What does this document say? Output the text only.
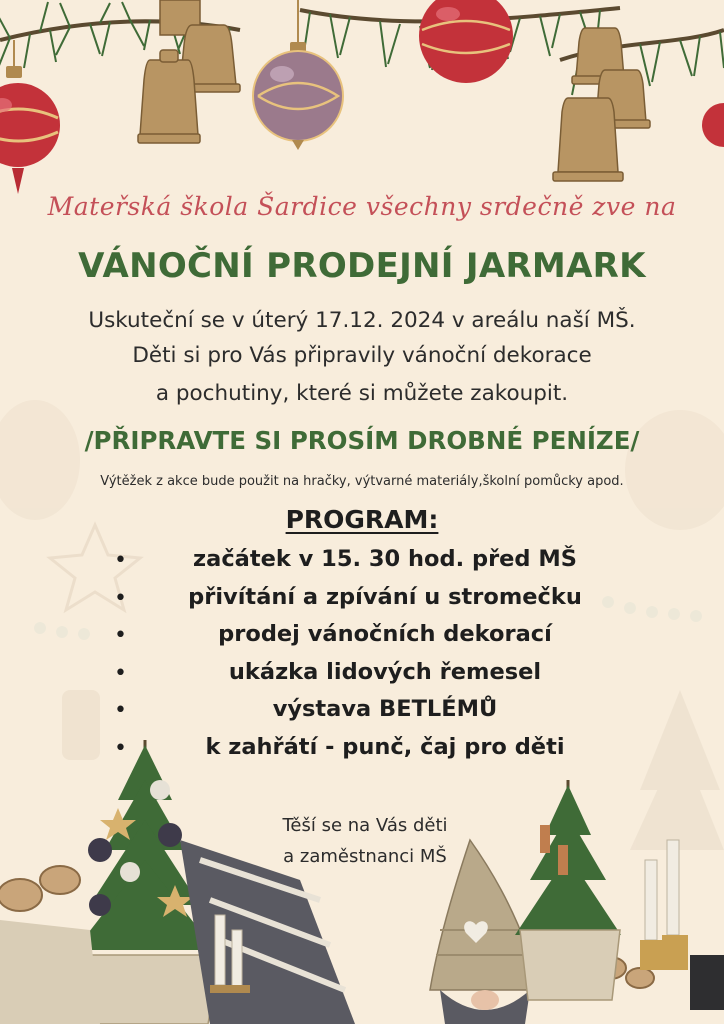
Mateřská škola Šardice všechny srdečně zve na

VÁNOČNÍ PRODEJNÍ JARMARK

Uskuteční se v úterý 17.12. 2024 v areálu naší MŠ.

Děti si pro Vás připravily vánoční dekorace

a pochutiny, které si můžete zakoupit.

/PŘIPRAVTE SI PROSÍM DROBNÉ PENÍZE/

Výtěžek z akce bude použit na hračky, výtvarné materiály,školní pomůcky apod.

PROGRAM:

•	začátek v 15. 30 hod. před MŠ
•	přivítání a zpívání u stromečku
•	prodej vánočních dekorací
•	ukázka lidových řemesel
•	výstava BETLÉMŮ
•	k zahřátí - punč, čaj pro děti

Těší se na Vás děti

a zaměstnanci MŠ
